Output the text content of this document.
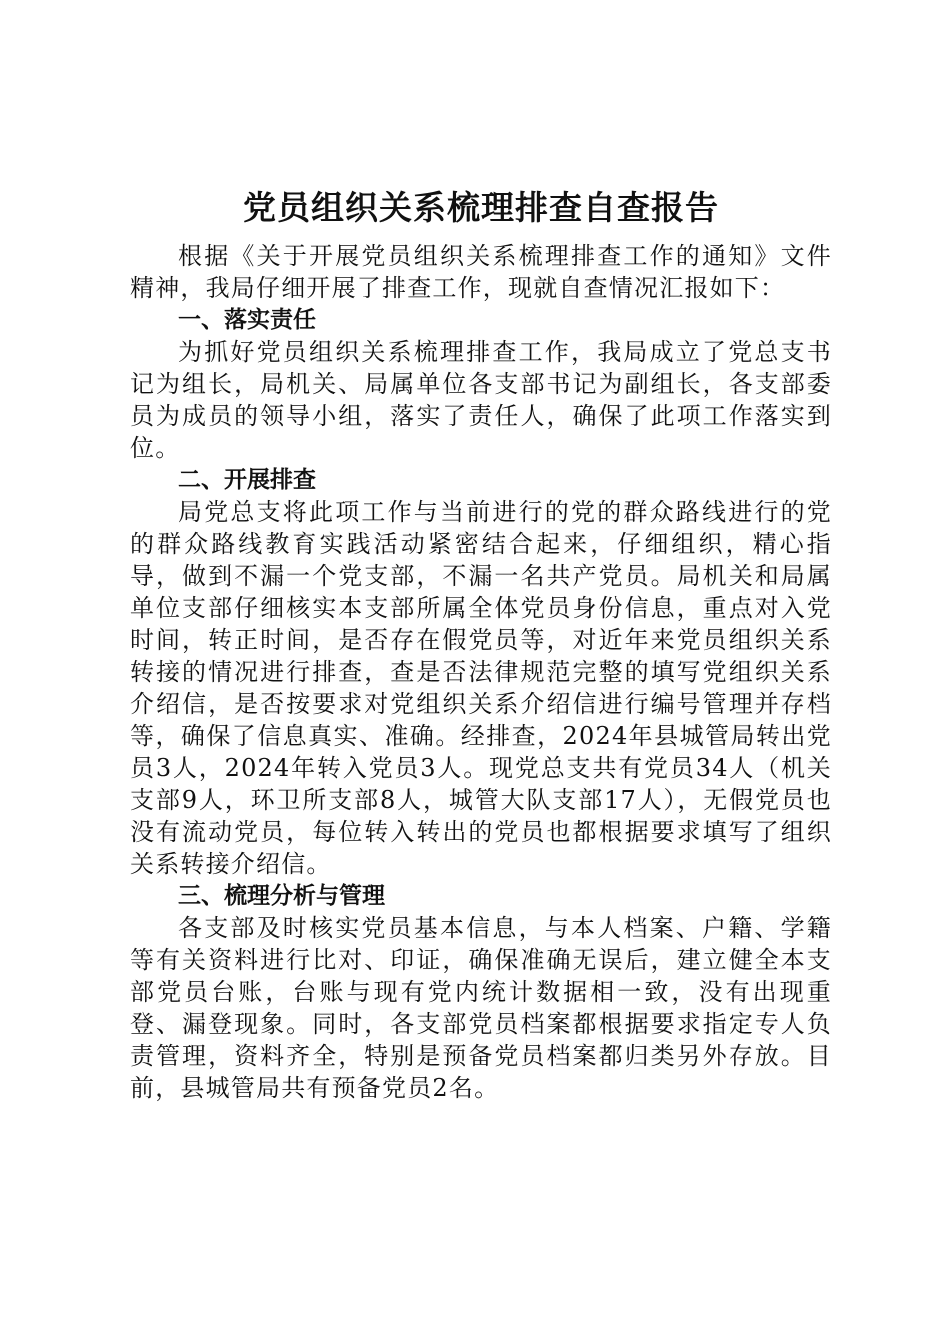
党员组织关系梳理排查自查报告

根据《关于开展党员组织关系梳理排查工作的通知》文件精神，我局仔细开展了排查工作，现就自查情况汇报如下：

一、落实责任

为抓好党员组织关系梳理排查工作，我局成立了党总支书记为组长，局机关、局属单位各支部书记为副组长，各支部委员为成员的领导小组，落实了责任人，确保了此项工作落实到位。

二、开展排查

局党总支将此项工作与当前进行的党的群众路线进行的党的群众路线教育实践活动紧密结合起来，仔细组织，精心指导，做到不漏一个党支部，不漏一名共产党员。局机关和局属单位支部仔细核实本支部所属全体党员身份信息，重点对入党时间，转正时间，是否存在假党员等，对近年来党员组织关系转接的情况进行排查，查是否法律规范完整的填写党组织关系介绍信，是否按要求对党组织关系介绍信进行编号管理并存档等，确保了信息真实、准确。经排查，2024年县城管局转出党员3人，2024年转入党员3人。现党总支共有党员34人（机关支部9人，环卫所支部8人，城管大队支部17人），无假党员也没有流动党员，每位转入转出的党员也都根据要求填写了组织关系转接介绍信。

三、梳理分析与管理

各支部及时核实党员基本信息，与本人档案、户籍、学籍等有关资料进行比对、印证，确保准确无误后，建立健全本支部党员台账，台账与现有党内统计数据相一致，没有出现重登、漏登现象。同时，各支部党员档案都根据要求指定专人负责管理，资料齐全，特别是预备党员档案都归类另外存放。目前，县城管局共有预备党员2名。
